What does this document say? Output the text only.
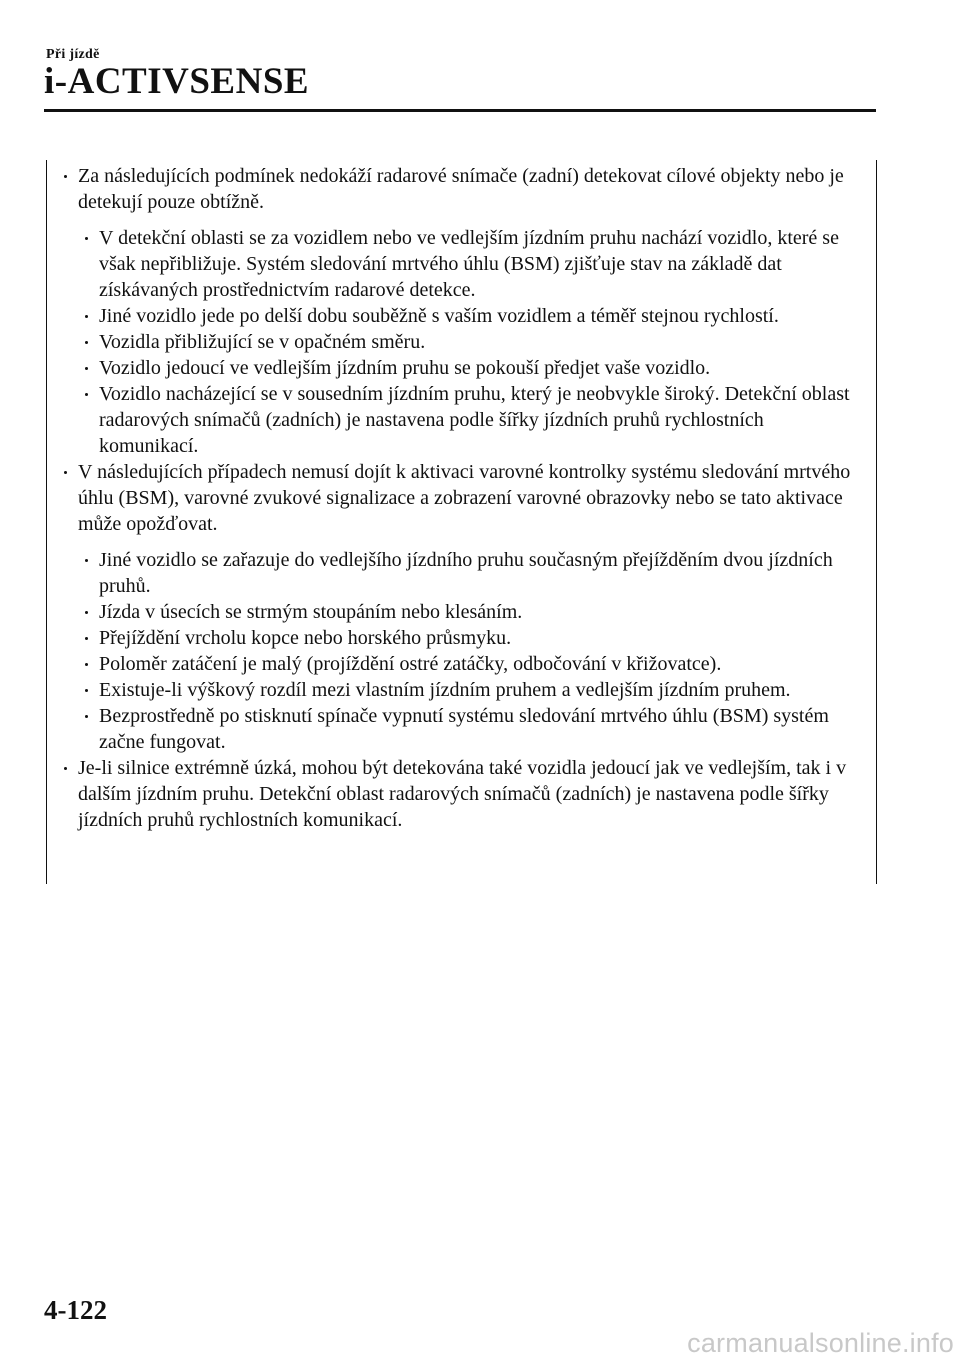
Při jízdě
i-ACTIVSENSE
Za následujících podmínek nedokáží radarové snímače (zadní) detekovat cílové objekty nebo je detekují pouze obtížně.
V detekční oblasti se za vozidlem nebo ve vedlejším jízdním pruhu nachází vozidlo, které se však nepřibližuje. Systém sledování mrtvého úhlu (BSM) zjišťuje stav na základě dat získávaných prostřednictvím radarové detekce.
Jiné vozidlo jede po delší dobu souběžně s vaším vozidlem a téměř stejnou rychlostí.
Vozidla přibližující se v opačném směru.
Vozidlo jedoucí ve vedlejším jízdním pruhu se pokouší předjet vaše vozidlo.
Vozidlo nacházející se v sousedním jízdním pruhu, který je neobvykle široký. Detekční oblast radarových snímačů (zadních) je nastavena podle šířky jízdních pruhů rychlostních komunikací.
V následujících případech nemusí dojít k aktivaci varovné kontrolky systému sledování mrtvého úhlu (BSM), varovné zvukové signalizace a zobrazení varovné obrazovky nebo se tato aktivace může opožďovat.
Jiné vozidlo se zařazuje do vedlejšího jízdního pruhu současným přejížděním dvou jízdních pruhů.
Jízda v úsecích se strmým stoupáním nebo klesáním.
Přejíždění vrcholu kopce nebo horského průsmyku.
Poloměr zatáčení je malý (projíždění ostré zatáčky, odbočování v křižovatce).
Existuje-li výškový rozdíl mezi vlastním jízdním pruhem a vedlejším jízdním pruhem.
Bezprostředně po stisknutí spínače vypnutí systému sledování mrtvého úhlu (BSM) systém začne fungovat.
Je-li silnice extrémně úzká, mohou být detekována také vozidla jedoucí jak ve vedlejším, tak i v dalším jízdním pruhu. Detekční oblast radarových snímačů (zadních) je nastavena podle šířky jízdních pruhů rychlostních komunikací.
4-122
carmanualsonline.info
